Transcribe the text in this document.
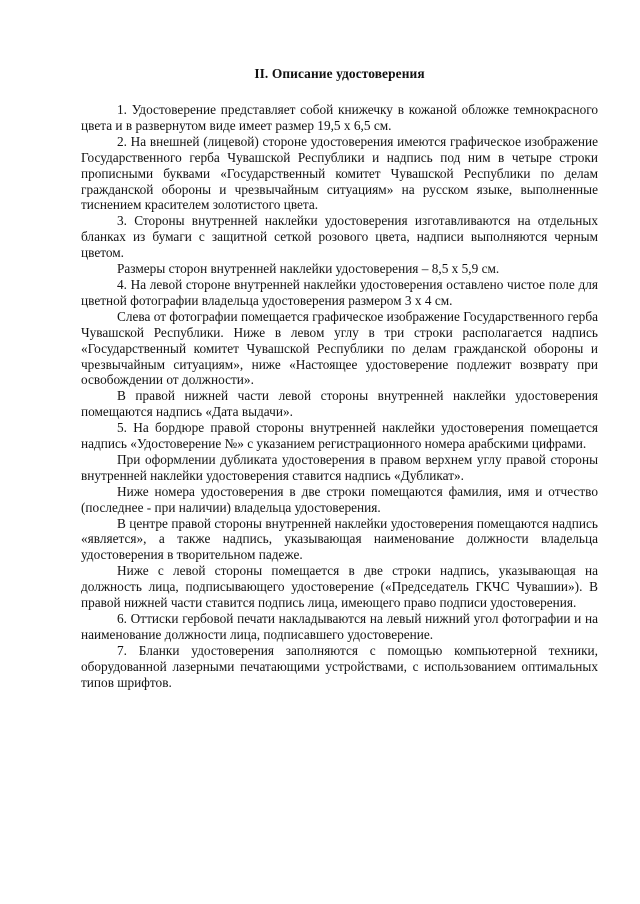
II. Описание удостоверения

1. Удостоверение представляет собой книжечку в кожаной обложке темнокрасного цвета и в развернутом виде имеет размер 19,5 х 6,5 см.

2. На внешней (лицевой) стороне удостоверения имеются графическое изображение Государственного герба Чувашской Республики и надпись под ним в четыре строки прописными буквами «Государственный комитет Чувашской Республики по делам гражданской обороны и чрезвычайным ситуациям» на русском языке, выполненные тиснением красителем золотистого цвета.

3. Стороны внутренней наклейки удостоверения изготавливаются на отдельных бланках из бумаги с защитной сеткой розового цвета, надписи выполняются черным цветом.

Размеры сторон внутренней наклейки удостоверения – 8,5 х 5,9 см.

4. На левой стороне внутренней наклейки удостоверения оставлено чистое поле для цветной фотографии владельца удостоверения размером 3 х 4 см.

Слева от фотографии помещается графическое изображение Государственного герба Чувашской Республики. Ниже в левом углу в три строки располагается надпись «Государственный комитет Чувашской Республики по делам гражданской обороны и чрезвычайным ситуациям», ниже «Настоящее удостоверение подлежит возврату при освобождении от должности».

В правой нижней части левой стороны внутренней наклейки удостоверения помещаются надпись «Дата выдачи».

5. На бордюре правой стороны внутренней наклейки удостоверения помещается надпись «Удостоверение №» с указанием регистрационного номера арабскими цифрами.

При оформлении дубликата удостоверения в правом верхнем углу правой стороны внутренней наклейки удостоверения ставится надпись «Дубликат».

Ниже номера удостоверения в две строки помещаются фамилия, имя и отчество (последнее - при наличии) владельца удостоверения.

В центре правой стороны внутренней наклейки удостоверения помещаются надпись «является», а также надпись, указывающая наименование должности владельца удостоверения в творительном падеже.

Ниже с левой стороны помещается в две строки надпись, указывающая на должность лица, подписывающего удостоверение («Председатель ГКЧС Чувашии»). В правой нижней части ставится подпись лица, имеющего право подписи удостоверения.

6. Оттиски гербовой печати накладываются на левый нижний угол фотографии и на наименование должности лица, подписавшего удостоверение.

7. Бланки удостоверения заполняются с помощью компьютерной техники, оборудованной лазерными печатающими устройствами, с использованием оптимальных типов шрифтов.
